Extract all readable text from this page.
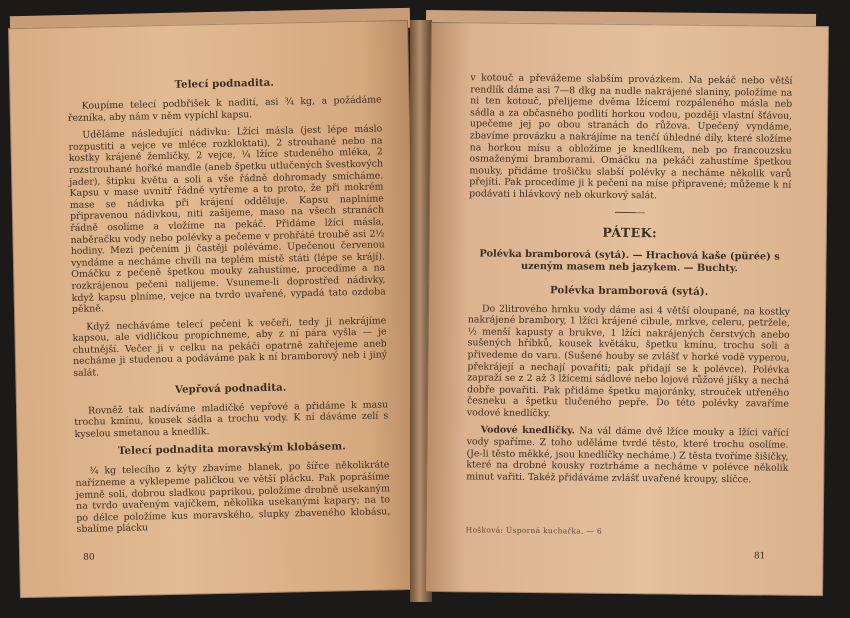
Telecí podnadita.

Koupíme telecí podbřišek k nadití, asi ¾ kg, a požádáme řezníka, aby nám v něm vypíchl kapsu.

Uděláme následující nádivku: Lžíci másla (jest lépe máslo rozpustiti a vejce ve mléce rozkloktati), 2 strouhané nebo na kostky krájené žemličky, 2 vejce, ¼ lžíce studeného mléka, 2 rozstrouhané hořké mandle (aneb špetku utlučených švestkových jader), štipku květu a soli a vše řádně dohromady smícháme. Kapsu v mase uvnitř řádně vytřeme a to proto, že při mokrém mase se nádivka při krájení odděluje. Kapsu naplníme připravenou nádivkou, niti zašijeme, maso na všech stranách řádně osolíme a vložíme na pekáč. Přidáme lžíci másla, naběračku vody nebo polévky a pečeme v prohřáté troubě asi 2½ hodiny. Mezi pečením ji častěji poléváme. Upečenou červenou vyndáme a necháme chvíli na teplém místě státi (lépe se krájí). Omáčku z pečeně špetkou mouky zahustíme, procedíme a na rozkrájenou pečeni nalijeme. Vsuneme-li doprostřed nádivky, když kapsu plníme, vejce na tvrdo uvařené, vypadá tato ozdoba pěkně.

Když necháváme telecí pečeni k večeři, tedy ji nekrájíme kapsou, ale vidličkou propíchneme, aby z ní pára vyšla — je chutnější. Večer ji v celku na pekáči opatrně zahřejeme aneb necháme ji studenou a podáváme pak k ní bramborový neb i jiný salát.

Vepřová podnadita.

Rovněž tak nadíváme mladičké vepřové a přidáme k masu trochu kmínu, kousek sádla a trochu vody. K ní dáváme zelí s kyselou smetanou a knedlík.

Telecí podnadita moravským klobásem.

¾ kg telecího z kýty zbavíme blanek, po šířce několikráte nařízneme a vyklepeme paličkou ve větší plácku. Pak poprášíme jemně solí, dobrou sladkou paprikou, položíme drobně usekaným na tvrdo uvařeným vajíčkem, několika usekanými kapary; na to po délce položíme kus moravského, slupky zbaveného klobásu, sbalíme plácku

80

v kotouč a převážeme slabším provázkem. Na pekáč nebo větší rendlík dáme asi 7—8 dkg na nudle nakrájené slaniny, položíme na ni ten kotouč, přelijeme dvěma lžícemi rozpáleného másla neb sádla a za občasného podlití horkou vodou, později vlastní šťávou, upečeme jej po obou stranách do růžova. Upečený vyndáme, zbavíme provázku a nakrájíme na tenčí úhledné díly, které složíme na horkou mísu a obložíme je knedlíkem, neb po francouzsku osmaženými bramborami. Omáčku na pekáči zahustíme špetkou mouky, přidáme trošičku slabší polévky a necháme několik varů přejíti. Pak procedíme ji k pečeni na míse připravené; můžeme k ní podávati i hlávkový neb okurkový salát.

PÁTEK:
Polévka bramborová (sytá). — Hrachová kaše (pürée) s uzeným masem neb jazykem. — Buchty.
Polévka bramborová (sytá).

Do 2litrového hrnku vody dáme asi 4 větší oloupané, na kostky nakrájené brambory, 1 lžíci krájené cibule, mrkve, celeru, petržele, ½ menší kapusty a brukve, 1 lžíci nakrájených čerstvých anebo sušených hříbků, kousek květáku, špetku kmínu, trochu soli a přivedeme do varu. (Sušené houby se zvlášť v horké vodě vyperou, překrájejí a nechají povařiti; pak přidají se k polévce). Polévka zapraží se z 2 až 3 lžícemi sádlové nebo lojové růžové jíšky a nechá dobře povařiti. Pak přidáme špetku majoránky, strouček utřeného česneku a špetku tlučeného pepře. Do této polévky zavaříme vodové knedlíčky.

Vodové knedlíčky. Na vál dáme dvě lžíce mouky a lžíci vařící vody spaříme. Z toho uděláme tvrdé těsto, které trochu osolíme. (Je-li těsto měkké, jsou knedlíčky necháme.) Z těsta tvoříme šišičky, které na drobné kousky roztrháme a necháme v polévce několik minut vařiti. Takéž přidáváme zvlášť uvařené kroupy, slíčce.

Hošková: Úsporná kuchařka. — 6
81
